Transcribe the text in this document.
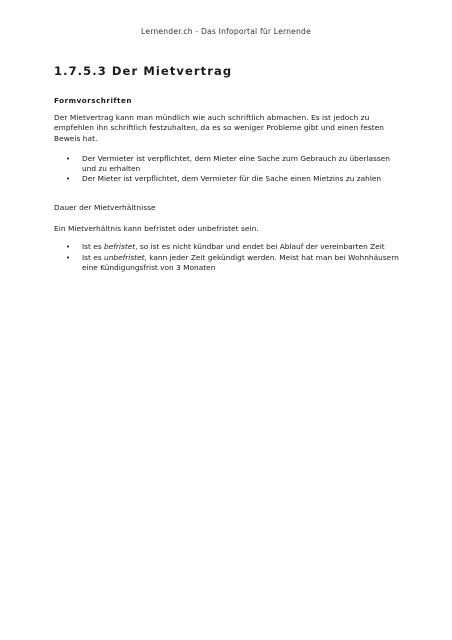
Lernender.ch - Das Infoportal für Lernende
1.7.5.3 Der Mietvertrag
Formvorschriften

Der Mietvertrag kann man mündlich wie auch schriftlich abmachen. Es ist jedoch zu empfehlen ihn schriftlich festzuhalten, da es so weniger Probleme gibt und einen festen Beweis hat.

• Der Vermieter ist verpflichtet, dem Mieter eine Sache zum Gebrauch zu überlassen und zu erhalten
• Der Mieter ist verpflichtet, dem Vermieter für die Sache einen Mietzins zu zahlen

Dauer der Mietverhältnisse

Ein Mietverhältnis kann befristet oder unbefristet sein.

• Ist es befristet, so ist es nicht kündbar und endet bei Ablauf der vereinbarten Zeit
• Ist es unbefristet, kann jeder Zeit gekündigt werden. Meist hat man bei Wohnhäusern eine Kündigungsfrist von 3 Monaten
